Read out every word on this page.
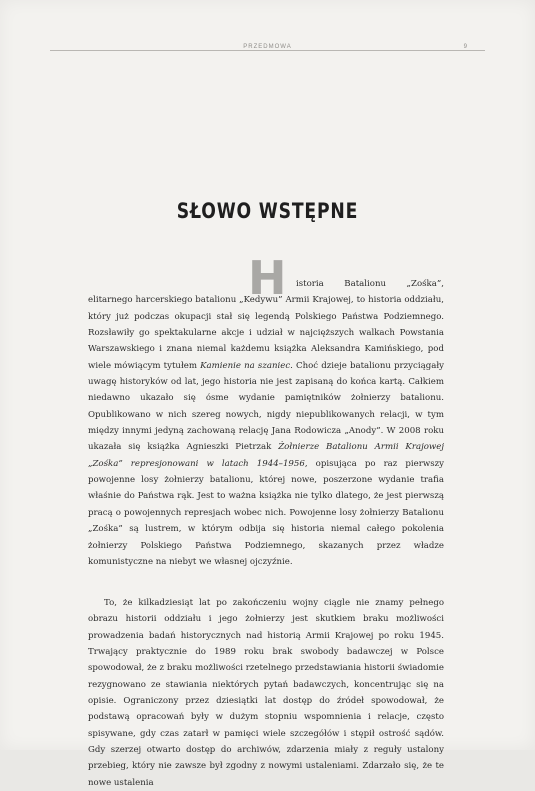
PRZEDMOWA	9
SŁOWO WSTĘPNE
H	istoria Batalionu „Zośka”, elitarnego harcerskiego batalionu „Kedywu” Armii Krajowej, to historia oddziału, który już podczas okupacji stał się legendą Polskiego Państwa Podziemnego. Rozsławiły go spektakularne akcje i udział w najcięższych walkach Powstania Warszawskiego i znana niemal każdemu książka Aleksandra Kamińskiego, pod wiele mówiącym tytułem Kamienie na szaniec. Choć dzieje batalionu przyciągały uwagę historyków od lat, jego historia nie jest zapisaną do końca kartą. Całkiem niedawno ukazało się ósme wydanie pamiętników żołnierzy batalionu. Opublikowano w nich szereg nowych, nigdy niepublikowanych relacji, w tym między innymi jedyną zachowaną relację Jana Rodowicza „Anody”. W 2008 roku ukazała się książka Agnieszki Pietrzak Żołnierze Batalionu Armii Krajowej „Zośka” represjonowani w latach 1944–1956, opisująca po raz pierwszy powojenne losy żołnierzy batalionu, której nowe, poszerzone wydanie trafia właśnie do Państwa rąk. Jest to ważna książka nie tylko dlatego, że jest pierwszą pracą o powojennych represjach wobec nich. Powojenne losy żołnierzy Batalionu „Zośka” są lustrem, w którym odbija się historia niemal całego pokolenia żołnierzy Polskiego Państwa Podziemnego, skazanych przez władze komunistyczne na niebyt we własnej ojczyźnie.

To, że kilkadziesiąt lat po zakończeniu wojny ciągle nie znamy pełnego obrazu historii oddziału i jego żołnierzy jest skutkiem braku możliwości prowadzenia badań historycznych nad historią Armii Krajowej po roku 1945. Trwający praktycznie do 1989 roku brak swobody badawczej w Polsce spowodował, że z braku możliwości rzetelnego przedstawiania historii świadomie rezygnowano ze stawiania niektórych pytań badawczych, koncentrując się na opisie. Ograniczony przez dziesiątki lat dostęp do źródeł spowodował, że podstawą opracowań były w dużym stopniu wspomnienia i relacje, często spisywane, gdy czas zatarł w pamięci wiele szczegółów i stępił ostrość sądów. Gdy szerzej otwarto dostęp do archiwów, zdarzenia miały z reguły ustalony przebieg, który nie zawsze był zgodny z nowymi ustaleniami. Zdarzało się, że te nowe ustalenia
